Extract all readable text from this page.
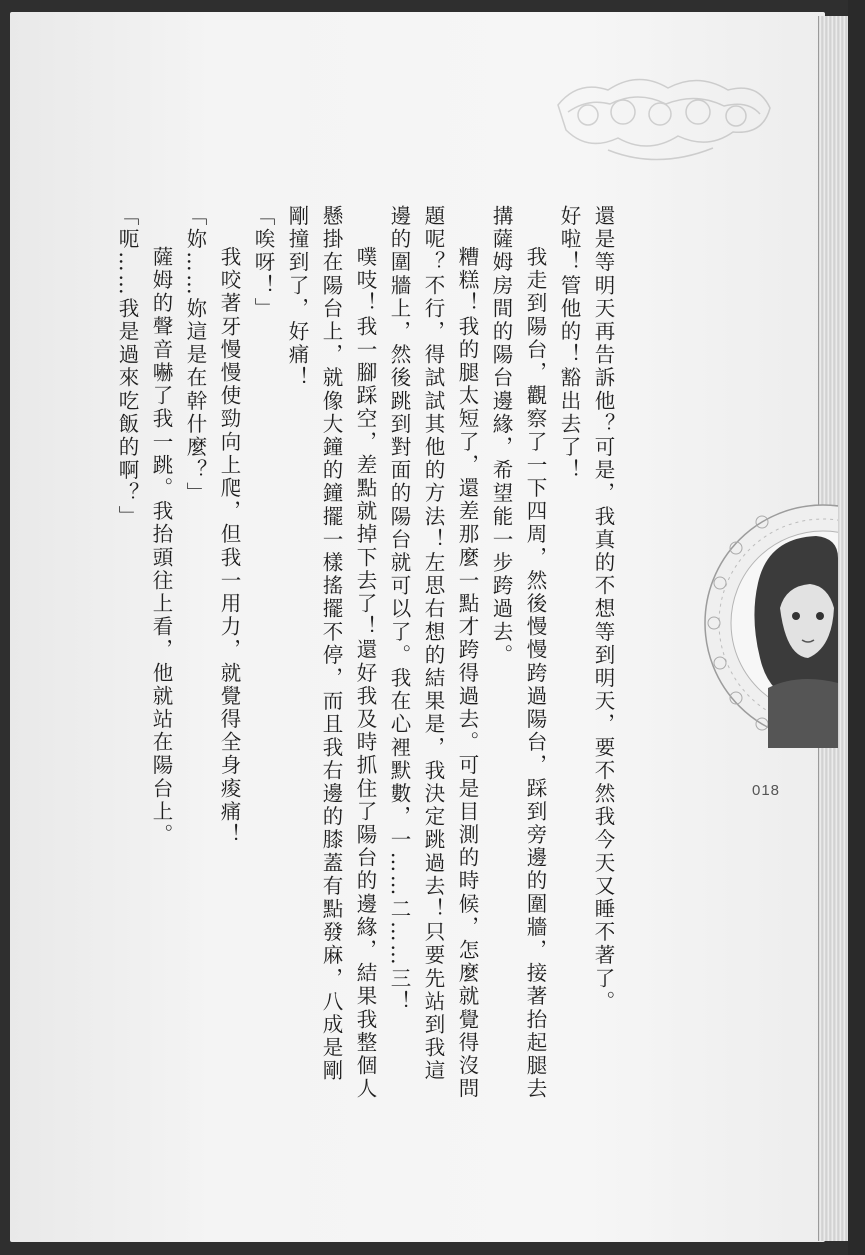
還是等明天再告訴他？可是，我真的不想等到明天，要不然我今天又睡不著了。

好啦！管他的！豁出去了！

我走到陽台，觀察了一下四周，然後慢慢跨過陽台，踩到旁邊的圍牆，接著抬起腿去搆薩姆房間的陽台邊緣，希望能一步跨過去。

糟糕！我的腿太短了，還差那麼一點才跨得過去。可是目測的時候，怎麼就覺得沒問題呢？不行，得試試其他的方法！左思右想的結果是，我決定跳過去！只要先站到我這邊的圍牆上，然後跳到對面的陽台就可以了。我在心裡默數，一……二……三！

噗吱！我一腳踩空，差點就掉下去了！還好我及時抓住了陽台的邊緣，結果我整個人懸掛在陽台上，就像大鐘的鐘擺一樣搖擺不停，而且我右邊的膝蓋有點發麻，八成是剛剛撞到了，好痛！

「唉呀！」

我咬著牙慢慢使勁向上爬，但我一用力，就覺得全身痠痛！

「妳……妳這是在幹什麼？」

薩姆的聲音嚇了我一跳。我抬頭往上看，他就站在陽台上。

「呃……我是過來吃飯的啊？」

018
